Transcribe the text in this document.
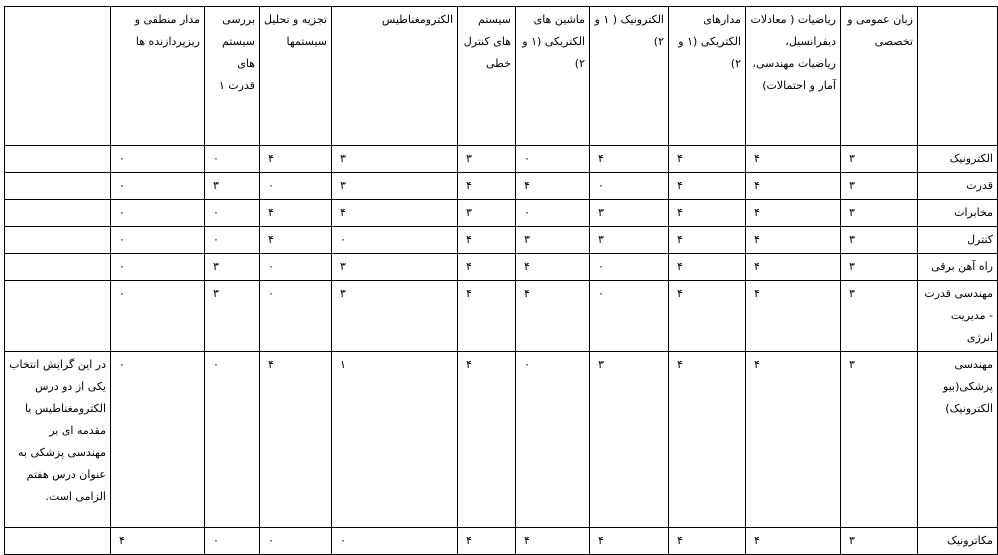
	زبان عمومی و تخصصی	ریاضیات ( معادلات دیفرانسیل، ریاضیات مهندسی، آمار و احتمالات)	مدارهای الکتریکی (۱ و ۲)	الکترونیک ( ۱ و ۲)	ماشین های الکتریکی (۱ و ۲)	سیستم های کنترل خطی	الکترومغناطیس	تجزیه و تحلیل سیستمها	بررسی سیستم های قدرت ۱	مدار منطقی و ریزپردازنده ها	
الکترونیک	۳	۴	۴	۴	۰	۳	۳	۴	۰	۰	
قدرت	۳	۴	۴	۰	۴	۴	۳	۰	۳	۰	
مخابرات	۳	۴	۴	۳	۰	۳	۴	۴	۰	۰	
کنترل	۳	۴	۴	۳	۳	۴	۰	۴	۰	۰	
راه آهن برقی	۳	۴	۴	۰	۴	۴	۳	۰	۳	۰	
مهندسی قدرت - مدیریت انرژی	۳	۴	۴	۰	۴	۴	۳	۰	۳	۰	
مهندسی پزشکی(بیو الکترونیک)	۳	۴	۴	۳	۰	۴	۱	۴	۰	۰	در این گرایش انتخاب یکی از دو درس الکترومغناطیس یا مقدمه ای بر مهندسی پزشکی به عنوان درس هفتم الزامی است.
مکاترونیک	۳	۴	۴	۴	۴	۴	۰	۰	۰	۴	
